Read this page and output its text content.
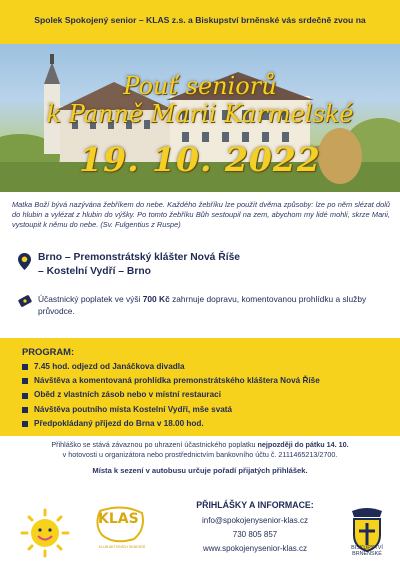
Spolek Spokojený senior – KLAS z.s. a Biskupství brněnské vás srdečně zvou na
Pouť seniorů
k Panně Marii Karmelské
19. 10. 2022
Matka Boží bývá nazývána žebříkem do nebe. Každého žebříku lze použít dvěma způsoby: lze po něm slézat dolů do hlubin a vylézat z hlubin do výšky. Po tomto žebříku Bůh sestoupil na zem, abychom my lidé mohli, skrze Marii, vystoupit k němu do nebe. (Sv. Fulgentius z Ruspe)
Brno – Premonstrátský klášter Nová Říše
– Kostelní Vydří – Brno
Účastnický poplatek ve výši 700 Kč zahrnuje dopravu, komentovanou prohlídku a služby průvodce.
PROGRAM:
7.45 hod. odjezd od Janáčkova divadla
Návštěva a komentovaná prohlídka premonstrátského kláštera Nová Říše
Oběd z vlastních zásob nebo v místní restauraci
Návštěva poutního místa Kostelní Vydří, mše svatá
Předpokládaný příjezd do Brna v 18.00 hod.
Přihláško se stává závaznou po uhrazení účastnického poplatku nejpozději do pátku 14. 10.
v hotovosti u organizátora nebo prostřednictvím bankovního účtu č. 2111465213/2700.
Místa k sezení v autobusu určuje pořadí přijatých přihlášek.
KLAS
KLUB AKTIVNÍCH SENIORŮ
PŘIHLÁŠKY A INFORMACE:
info@spokojenysenior-klas.cz
730 805 857
www.spokojenysenior-klas.cz	BISKUPSTVÍ
BRNĚNSKÉ
